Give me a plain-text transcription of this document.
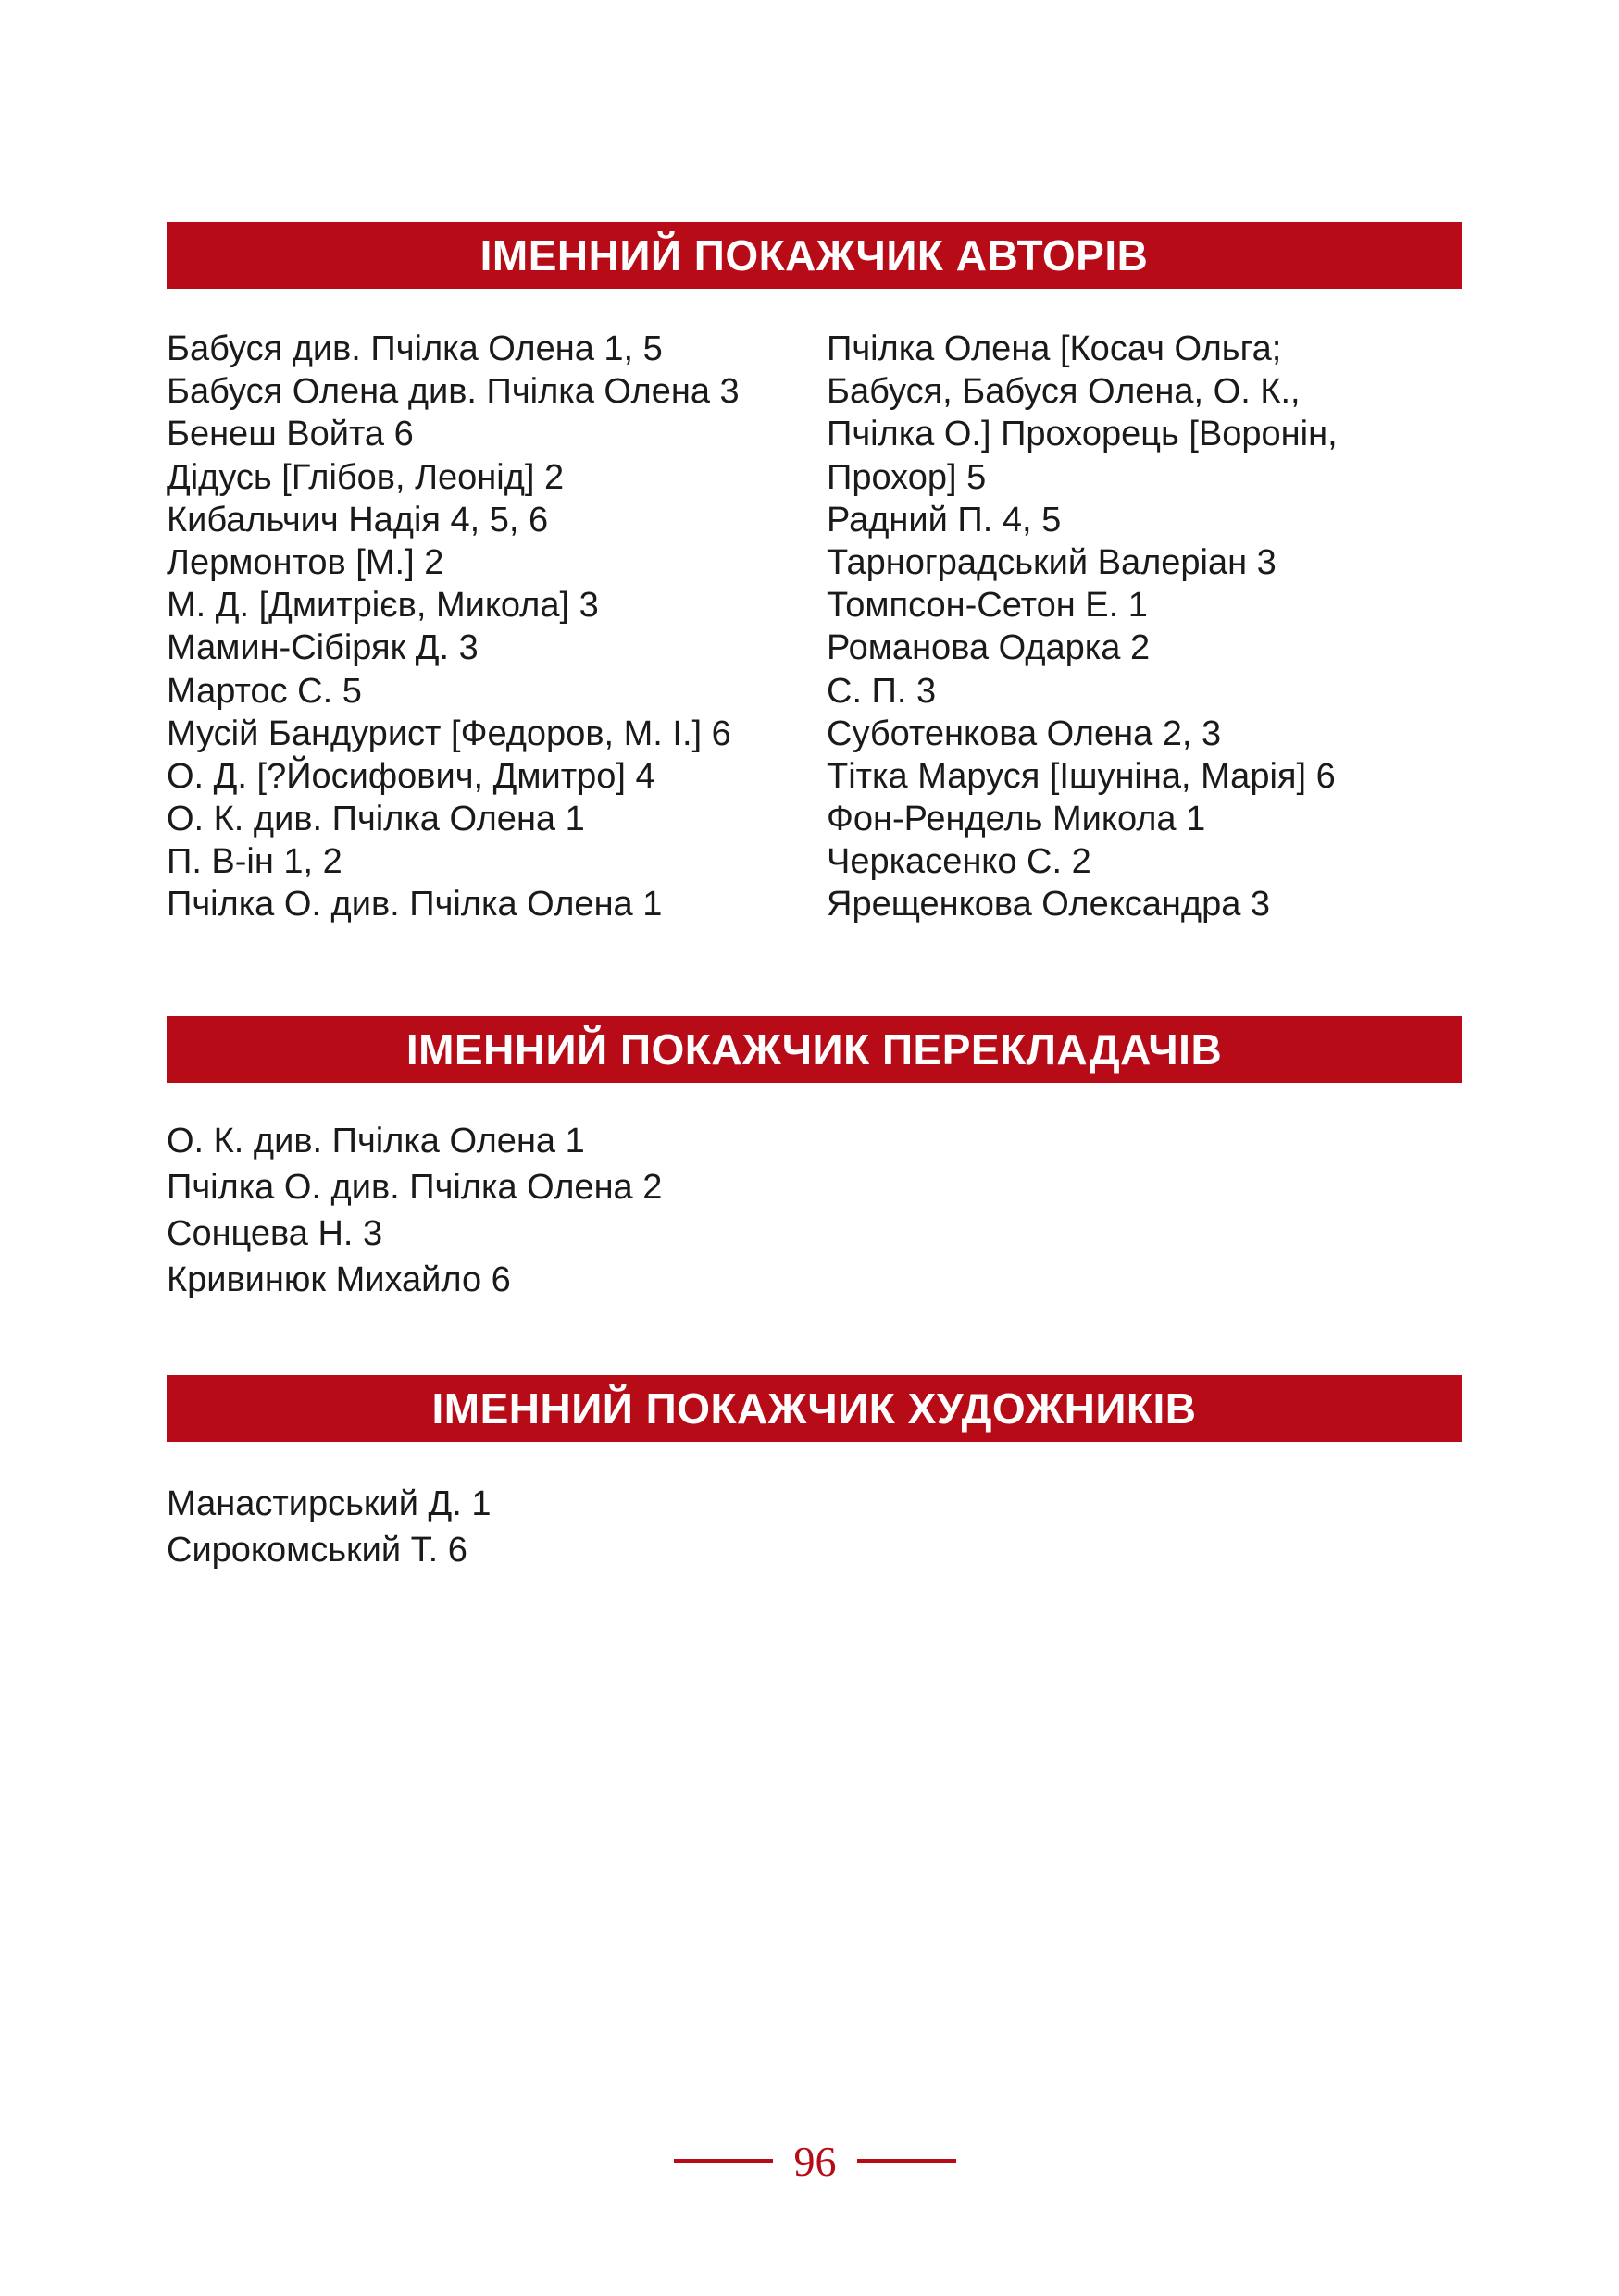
ІМЕННИЙ ПОКАЖЧИК АВТОРІВ
Бабуся див. Пчілка Олена 1, 5
Бабуся Олена див. Пчілка Олена 3
Бенеш Войта 6
Дідусь [Глібов, Леонід] 2
Кибальчич Надія 4, 5, 6
Лермонтов [М.] 2
М. Д. [Дмитрієв, Микола] 3
Мамин-Сібіряк Д. 3
Мартос С. 5
Мусій Бандурист [Федоров, М. І.] 6
О. Д. [?Йосифович, Дмитро] 4
О. К. див. Пчілка Олена 1
П. В-ін 1, 2
Пчілка О. див. Пчілка Олена 1
Пчілка Олена [Косач Ольга;
Бабуся, Бабуся Олена, О. К.,
Пчілка О.] Прохорець [Воронін,
Прохор] 5
Радний П. 4, 5
Тарноградський Валеріан 3
Томпсон-Сетон Е. 1
Романова Одарка 2
С. П. 3
Суботенкова Олена 2, 3
Тітка Маруся [Ішуніна, Марія] 6
Фон-Рендель Микола 1
Черкасенко С. 2
Ярещенкова Олександра 3
ІМЕННИЙ ПОКАЖЧИК ПЕРЕКЛАДАЧІВ
О. К. див. Пчілка Олена 1
Пчілка О. див. Пчілка Олена 2
Сонцева Н. 3
Кривинюк Михайло 6
ІМЕННИЙ ПОКАЖЧИК ХУДОЖНИКІВ
Манастирський Д. 1
Сирокомський Т. 6
96
